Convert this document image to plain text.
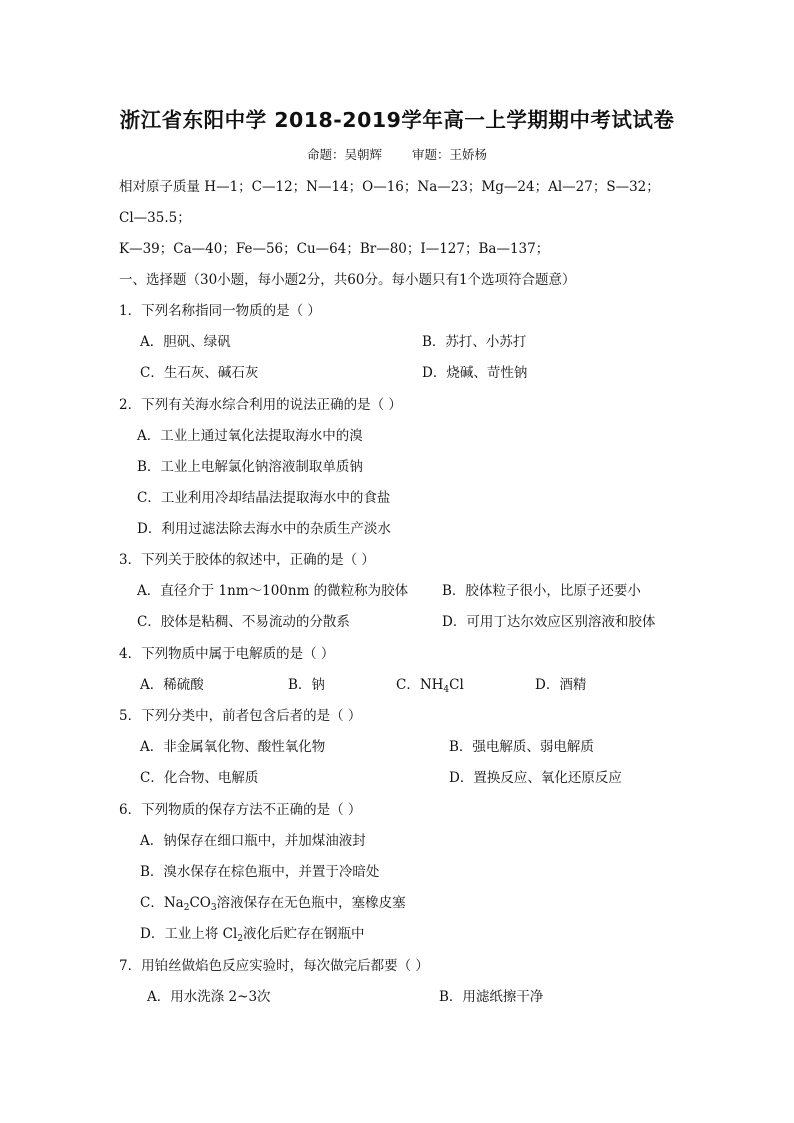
浙江省东阳中学 2018-2019学年高一上学期期中考试试卷
命题：吴朝辉 审题：王娇杨
相对原子质量 H—1；C—12；N—14；O—16；Na—23；Mg—24；Al—27；S—32；
Cl—35.5；
K—39；Ca—40；Fe—56；Cu—64；Br—80；I—127；Ba—137；
一、选择题（30小题，每小题2分，共60分。每小题只有1个选项符合题意）
1．下列名称指同一物质的是（ ）
A．胆矾、绿矾	B．苏打、小苏打
C．生石灰、碱石灰	D．烧碱、苛性钠
2．下列有关海水综合利用的说法正确的是（ ）
A．工业上通过氧化法提取海水中的溴
B．工业上电解氯化钠溶液制取单质钠
C．工业利用冷却结晶法提取海水中的食盐
D．利用过滤法除去海水中的杂质生产淡水
3．下列关于胶体的叙述中，正确的是（ ）
A．直径介于 1nm～100nm 的微粒称为胶体	B．胶体粒子很小，比原子还要小
C．胶体是粘稠、不易流动的分散系	D．可用丁达尔效应区别溶液和胶体
4．下列物质中属于电解质的是（ ）
A．稀硫酸	B．钠	C．$NH_4Cl$	D．酒精
5．下列分类中，前者包含后者的是（ ）
A．非金属氧化物、酸性氧化物	B．强电解质、弱电解质
C．化合物、电解质	D．置换反应、氧化还原反应
6．下列物质的保存方法不正确的是（ ）
A．钠保存在细口瓶中，并加煤油液封
B．溴水保存在棕色瓶中，并置于冷暗处
C．$Na_2CO_3$溶液保存在无色瓶中，塞橡皮塞
D．工业上将 $Cl_2$液化后贮存在钢瓶中
7．用铂丝做焰色反应实验时，每次做完后都要（ ）
A．用水洗涤 2~3次	B．用滤纸擦干净
